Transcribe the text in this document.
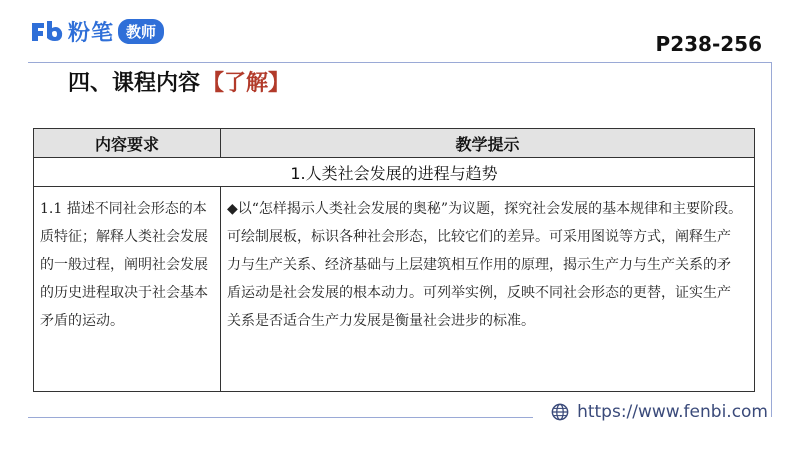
粉笔 教师
P238-256
四、课程内容 【了解】
内容要求	教学提示
1.人类社会发展的进程与趋势	
1.1 描述不同社会形态的本质特征；解释人类社会发展的一般过程，阐明社会发展的历史进程取决于社会基本矛盾的运动。	◆以“怎样揭示人类社会发展的奥秘”为议题，探究社会发展的基本规律和主要阶段。可绘制展板，标识各种社会形态，比较它们的差异。可采用图说等方式，阐释生产力与生产关系、经济基础与上层建筑相互作用的原理，揭示生产力与生产关系的矛盾运动是社会发展的根本动力。可列举实例，反映不同社会形态的更替，证实生产关系是否适合生产力发展是衡量社会进步的标准。
https://www.fenbi.com
